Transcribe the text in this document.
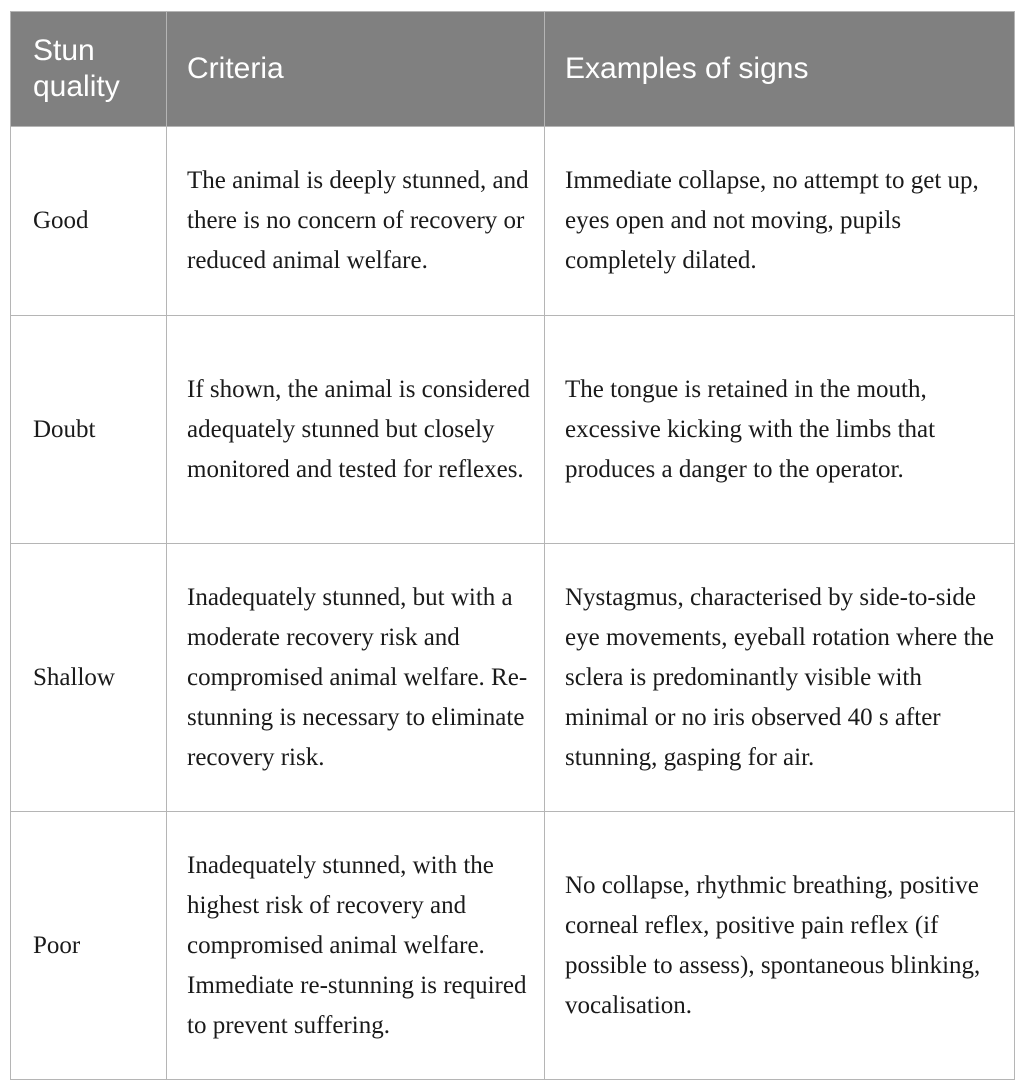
Stun quality	Criteria	Examples of signs
Good	The animal is deeply stunned, and there is no concern of recovery or reduced animal welfare.	Immediate collapse, no attempt to get up, eyes open and not moving, pupils completely dilated.
Doubt	If shown, the animal is considered adequately stunned but closely monitored and tested for reflexes.	The tongue is retained in the mouth, excessive kicking with the limbs that produces a danger to the operator.
Shallow	Inadequately stunned, but with a moderate recovery risk and compromised animal welfare. Re-stunning is necessary to eliminate recovery risk.	Nystagmus, characterised by side-to-side eye movements, eyeball rotation where the sclera is predominantly visible with minimal or no iris observed 40 s after stunning, gasping for air.
Poor	Inadequately stunned, with the highest risk of recovery and compromised animal welfare. Immediate re-stunning is required to prevent suffering.	No collapse, rhythmic breathing, positive corneal reflex, positive pain reflex (if possible to assess), spontaneous blinking, vocalisation.
